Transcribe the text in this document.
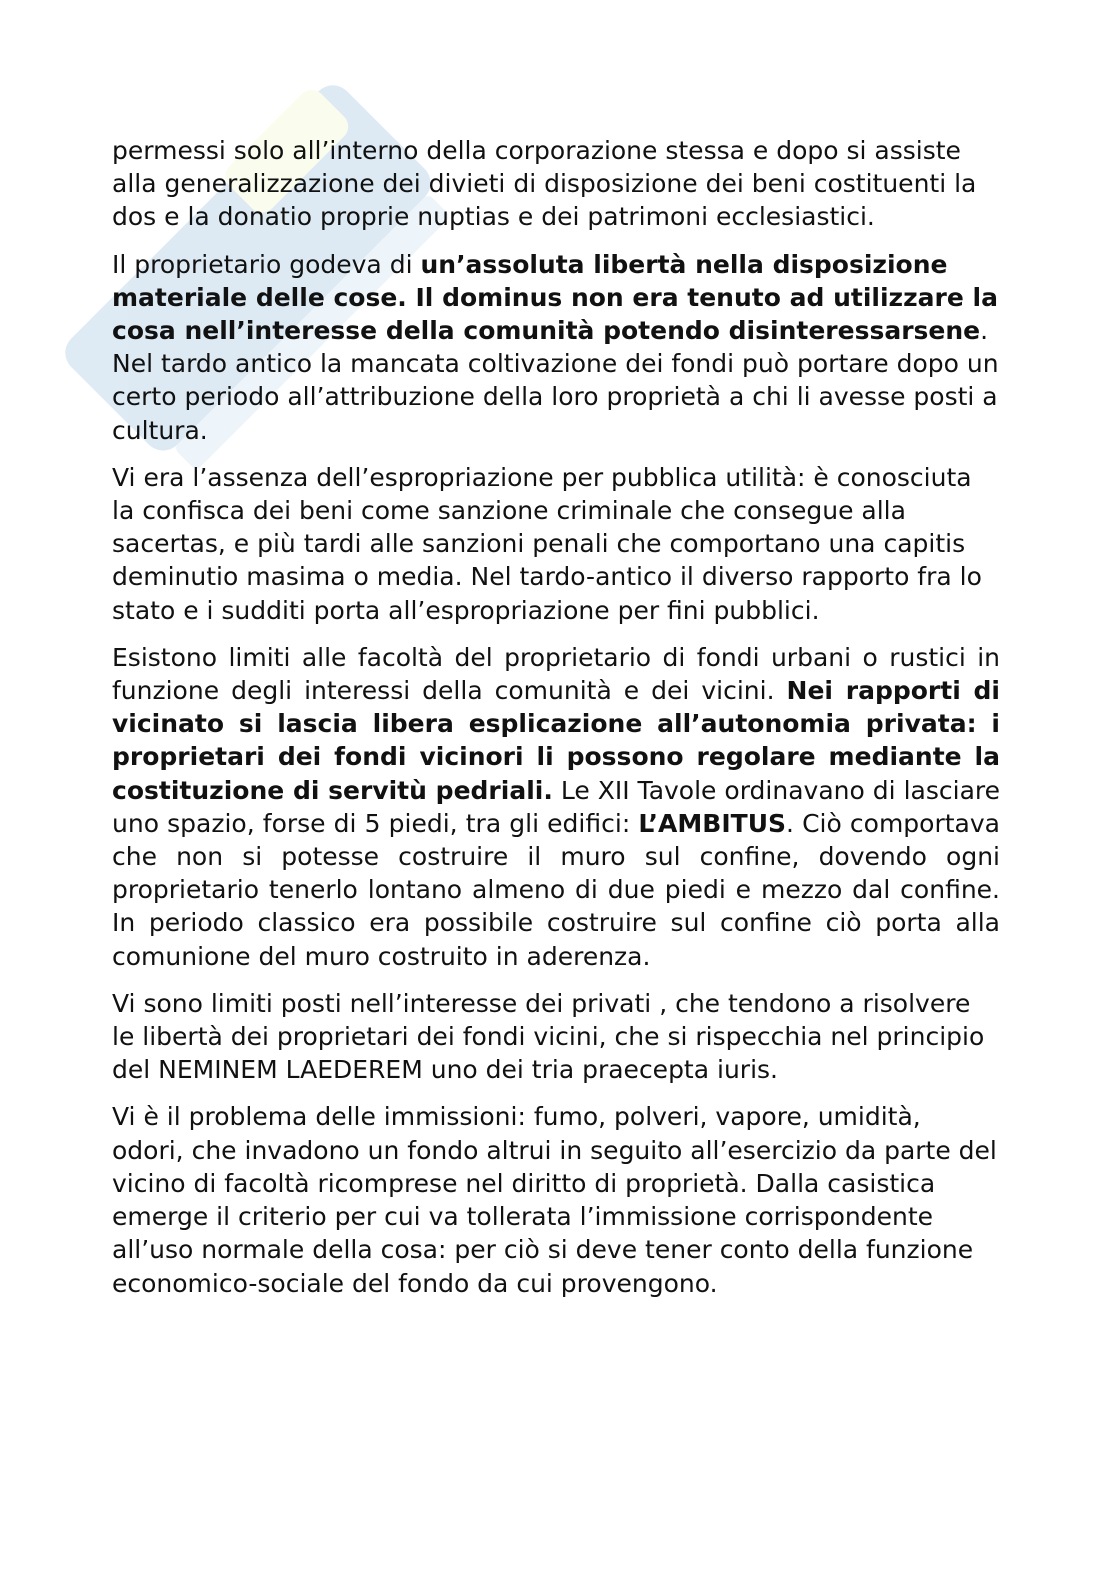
permessi solo all’interno della corporazione stessa e dopo si assiste alla generalizzazione dei divieti di disposizione dei beni costituenti la dos e la donatio proprie nuptias e dei patrimoni ecclesiastici.

Il proprietario godeva di un’assoluta libertà nella disposizione materiale delle cose. Il dominus non era tenuto ad utilizzare la cosa nell’interesse della comunità potendo disinteressarsene. Nel tardo antico la mancata coltivazione dei fondi può portare dopo un certo periodo all’attribuzione della loro proprietà a chi li avesse posti a cultura.

Vi era l’assenza dell’espropriazione per pubblica utilità: è conosciuta la confisca dei beni come sanzione criminale che consegue alla sacertas, e più tardi alle sanzioni penali che comportano una capitis deminutio masima o media. Nel tardo-antico il diverso rapporto fra lo stato e i sudditi porta all’espropriazione per fini pubblici.

Esistono limiti alle facoltà del proprietario di fondi urbani o rustici in funzione degli interessi della comunità e dei vicini. Nei rapporti di vicinato si lascia libera esplicazione all’autonomia privata: i proprietari dei fondi vicinori li possono regolare mediante la costituzione di servitù pedriali. Le XII Tavole ordinavano di lasciare uno spazio, forse di 5 piedi, tra gli edifici: L’AMBITUS. Ciò comportava che non si potesse costruire il muro sul confine, dovendo ogni proprietario tenerlo lontano almeno di due piedi e mezzo dal confine. In periodo classico era possibile costruire sul confine ciò porta alla comunione del muro costruito in aderenza.

Vi sono limiti posti nell’interesse dei privati , che tendono a risolvere le libertà dei proprietari dei fondi vicini, che si rispecchia nel principio del NEMINEM LAEDEREM uno dei tria praecepta iuris.

Vi è il problema delle immissioni: fumo, polveri, vapore, umidità, odori, che invadono un fondo altrui in seguito all’esercizio da parte del vicino di facoltà ricomprese nel diritto di proprietà. Dalla casistica emerge il criterio per cui va tollerata l’immissione corrispondente all’uso normale della cosa: per ciò si deve tener conto della funzione economico-sociale del fondo da cui provengono.
